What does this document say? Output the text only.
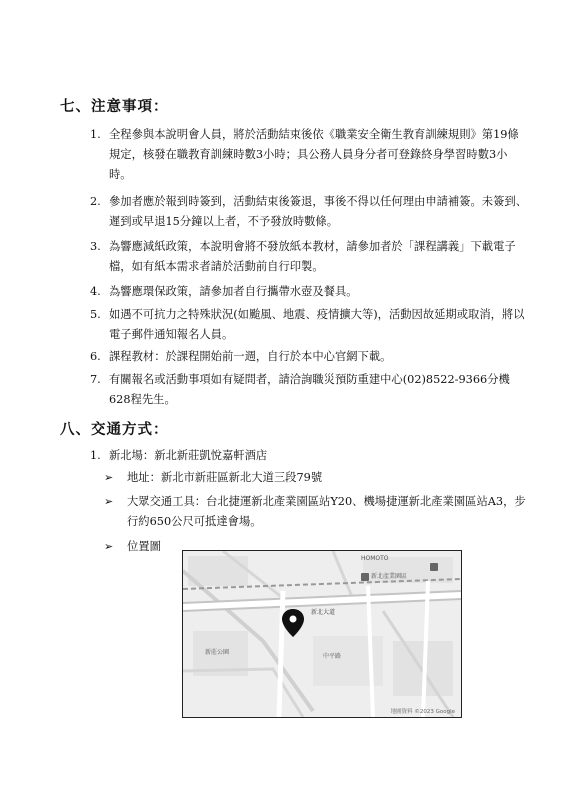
七、注意事項：
1. 全程參與本說明會人員，將於活動結束後依《職業安全衛生教育訓練規則》第19條規定，核發在職教育訓練時數3小時；具公務人員身分者可登錄終身學習時數3小時。
2. 參加者應於報到時簽到，活動結束後簽退，事後不得以任何理由申請補簽。未簽到、遲到或早退15分鐘以上者，不予發放時數條。
3. 為響應減紙政策，本說明會將不發放紙本教材，請參加者於「課程講義」下載電子檔，如有紙本需求者請於活動前自行印製。
4. 為響應環保政策，請參加者自行攜帶水壺及餐具。
5. 如遇不可抗力之特殊狀況(如颱風、地震、疫情擴大等)，活動因故延期或取消，將以電子郵件通知報名人員。
6. 課程教材：於課程開始前一週，自行於本中心官網下載。
7. 有關報名或活動事項如有疑問者，請洽詢職災預防重建中心(02)8522-9366分機628程先生。
八、交通方式：
1. 新北場：新北新莊凱悅嘉軒酒店
➢	地址：新北市新莊區新北大道三段79號
➢	大眾交通工具：台北捷運新北產業園區站Y20、機場捷運新北產業園區站A3，步行約650公尺可抵達會場。
➢	位置圖
HOMOTO
新北產業園區
新北大道
新莊公園
中平路
地圖資料 ©2023 Google
